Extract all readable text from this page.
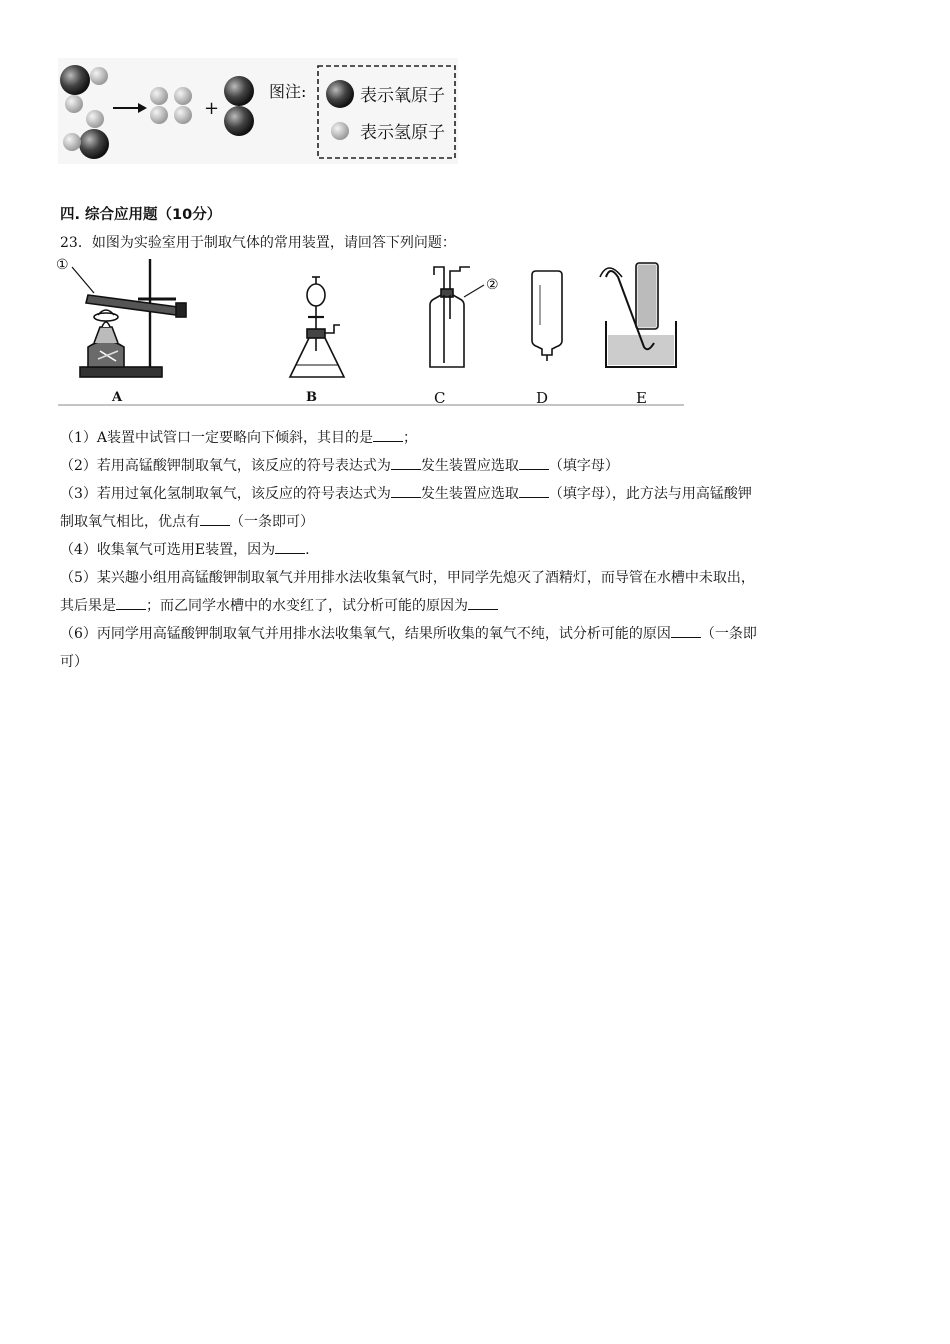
+
图注:	表示氧原子
表示氢原子
四. 综合应用题（10分）
23．如图为实验室用于制取气体的常用装置，请回答下列问题：
①
②
A	B	C	D	E
（1）A装置中试管口一定要略向下倾斜，其目的是 ；
（2）若用高锰酸钾制取氧气，该反应的符号表达式为 发生装置应选取 （填字母）
（3）若用过氧化氢制取氧气，该反应的符号表达式为 发生装置应选取 （填字母），此方法与用高锰酸钾
制取氧气相比，优点有 （一条即可）
（4）收集氧气可选用E装置，因为 .
（5）某兴趣小组用高锰酸钾制取氧气并用排水法收集氧气时，甲同学先熄灭了酒精灯，而导管在水槽中未取出，
其后果是 ；而乙同学水槽中的水变红了，试分析可能的原因为
（6）丙同学用高锰酸钾制取氧气并用排水法收集氧气，结果所收集的氧气不纯，试分析可能的原因 （一条即
可）
